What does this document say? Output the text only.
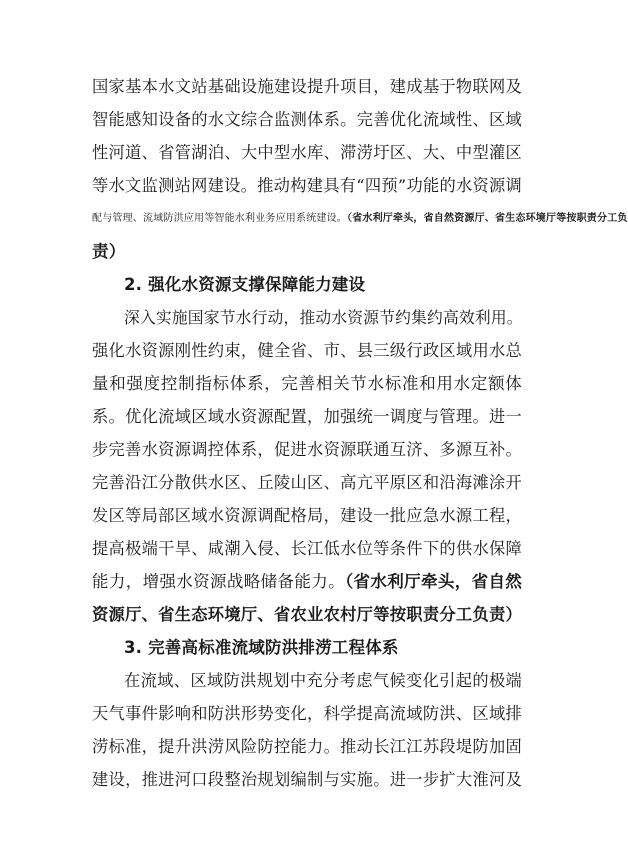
国家基本水文站基础设施建设提升项目，建成基于物联网及
智能感知设备的水文综合监测体系。完善优化流域性、区域
性河道、省管湖泊、大中型水库、滞涝圩区、大、中型灌区
等水文监测站网建设。推动构建具有“四预”功能的水资源调
配与管理、流域防洪应用等智能水利业务应用系统建设。（省水利厅牵头，省自然资源厅、省生态环境厅等按职责分工负
责）
2. 强化水资源支撑保障能力建设
深入实施国家节水行动，推动水资源节约集约高效利用。
强化水资源刚性约束，健全省、市、县三级行政区域用水总
量和强度控制指标体系，完善相关节水标准和用水定额体
系。优化流域区域水资源配置，加强统一调度与管理。进一
步完善水资源调控体系，促进水资源联通互济、多源互补。
完善沿江分散供水区、丘陵山区、高亢平原区和沿海滩涂开
发区等局部区域水资源调配格局，建设一批应急水源工程，
提高极端干旱、咸潮入侵、长江低水位等条件下的供水保障
能力，增强水资源战略储备能力。（省水利厅牵头，省自然
资源厅、省生态环境厅、省农业农村厅等按职责分工负责）
3. 完善高标准流域防洪排涝工程体系
在流域、区域防洪规划中充分考虑气候变化引起的极端
天气事件影响和防洪形势变化，科学提高流域防洪、区域排
涝标准，提升洪涝风险防控能力。推动长江江苏段堤防加固
建设，推进河口段整治规划编制与实施。进一步扩大淮河及
